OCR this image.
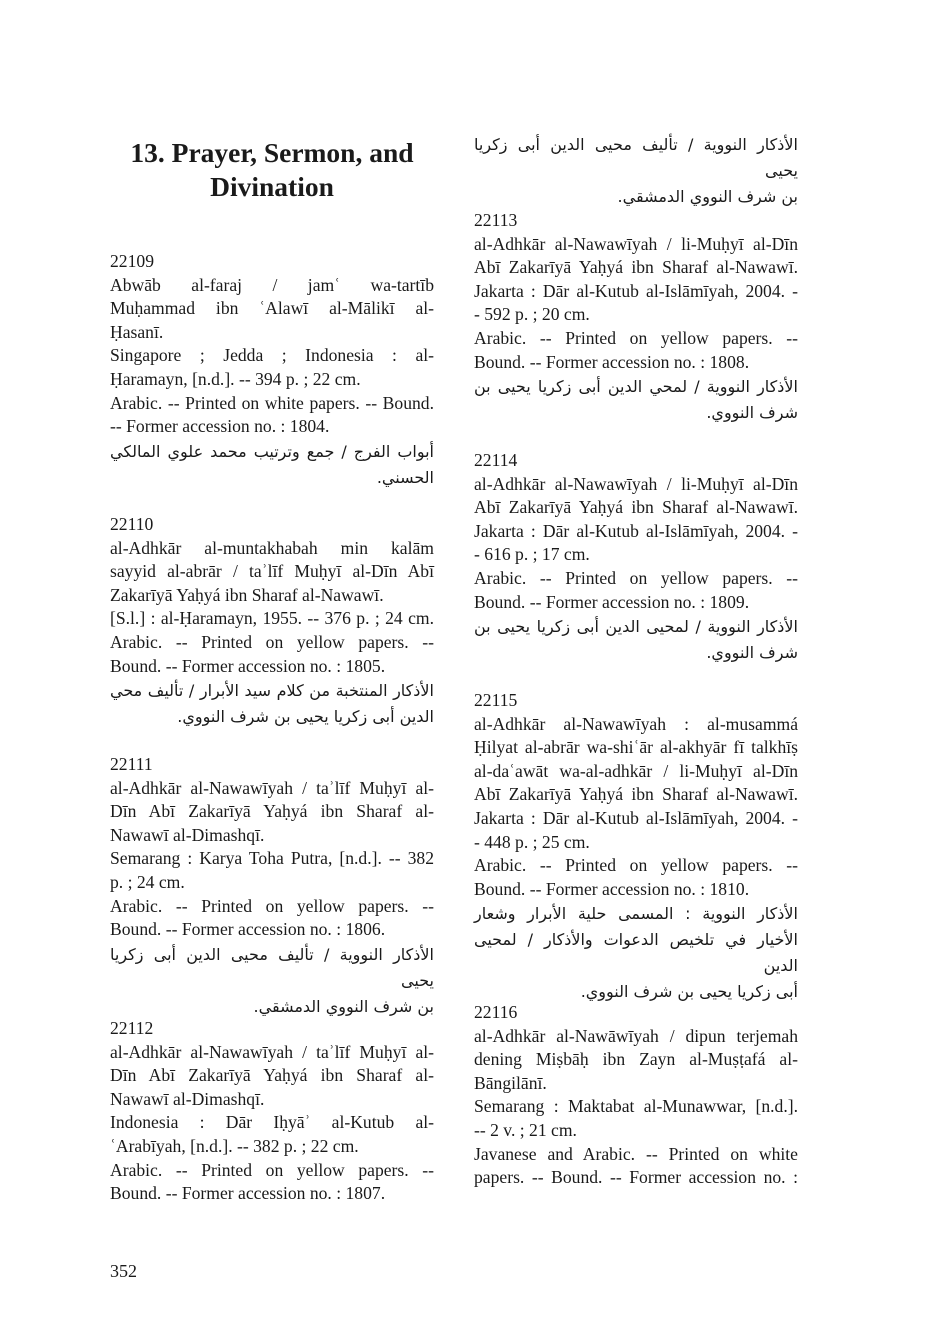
13. Prayer, Sermon, and Divination
22109
Abwāb al-faraj / jamʿ wa-tartīb
Muḥammad ibn ʿAlawī al-Mālikī al-
Ḥasanī.
Singapore ; Jedda ; Indonesia : al-
Ḥaramayn, [n.d.]. -- 394 p. ; 22 cm.
Arabic. -- Printed on white papers. -- Bound.
-- Former accession no. : 1804.
أبواب الفرج / جمع وترتيب محمد علوي المالكي
الحسني.
22110
al-Adhkār al-muntakhabah min kalām
sayyid al-abrār / taʾlīf Muḥyī al-Dīn Abī
Zakarīyā Yaḥyá ibn Sharaf al-Nawawī.
[S.l.] : al-Ḥaramayn, 1955. -- 376 p. ; 24 cm.
Arabic. -- Printed on yellow papers. --
Bound. -- Former accession no. : 1805.
الأذكار المنتخبة من كلام سيد الأبرار / تأليف محي
الدين أبى زكريا يحيى بن شرف النووي.
22111
al-Adhkār al-Nawawīyah / taʾlīf Muḥyī al-
Dīn Abī Zakarīyā Yaḥyá ibn Sharaf al-
Nawawī al-Dimashqī.
Semarang : Karya Toha Putra, [n.d.]. -- 382
p. ; 24 cm.
Arabic. -- Printed on yellow papers. --
Bound. -- Former accession no. : 1806.
الأذكار النووية / تأليف محيى الدين أبى زكريا يحيى
بن شرف النووي الدمشقي.
22112
al-Adhkār al-Nawawīyah / taʾlīf Muḥyī al-
Dīn Abī Zakarīyā Yaḥyá ibn Sharaf al-
Nawawī al-Dimashqī.
Indonesia : Dār Iḥyāʾ al-Kutub al-
ʿArabīyah, [n.d.]. -- 382 p. ; 22 cm.
Arabic. -- Printed on yellow papers. --
Bound. -- Former accession no. : 1807.
الأذكار النووية / تأليف محيى الدين أبى زكريا يحيى
بن شرف النووي الدمشقي.
22113
al-Adhkār al-Nawawīyah / li-Muḥyī al-Dīn
Abī Zakarīyā Yaḥyá ibn Sharaf al-Nawawī.
Jakarta : Dār al-Kutub al-Islāmīyah, 2004. -
- 592 p. ; 20 cm.
Arabic. -- Printed on yellow papers. --
Bound. -- Former accession no. : 1808.
الأذكار النووية / لمحي الدين أبى زكريا يحيى بن
شرف النووي.
22114
al-Adhkār al-Nawawīyah / li-Muḥyī al-Dīn
Abī Zakarīyā Yaḥyá ibn Sharaf al-Nawawī.
Jakarta : Dār al-Kutub al-Islāmīyah, 2004. -
- 616 p. ; 17 cm.
Arabic. -- Printed on yellow papers. --
Bound. -- Former accession no. : 1809.
الأذكار النووية / لمحيى الدين أبى زكريا يحيى بن
شرف النووي.
22115
al-Adhkār al-Nawawīyah : al-musammá
Ḥilyat al-abrār wa-shiʿār al-akhyār fī talkhīṣ
al-daʿawāt wa-al-adhkār / li-Muḥyī al-Dīn
Abī Zakarīyā Yaḥyá ibn Sharaf al-Nawawī.
Jakarta : Dār al-Kutub al-Islāmīyah, 2004. -
- 448 p. ; 25 cm.
Arabic. -- Printed on yellow papers. --
Bound. -- Former accession no. : 1810.
الأذكار النووية : المسمى حلية الأبرار وشعار
الأخيار في تلخيص الدعوات والأذكار / لمحيى الدين
أبى زكريا يحيى بن شرف النووي.
22116
al-Adhkār al-Nawāwīyah / dipun terjemah
dening Miṣbāḥ ibn Zayn al-Muṣṭafá al-
Bāngilānī.
Semarang : Maktabat al-Munawwar, [n.d.].
-- 2 v. ; 21 cm.
Javanese and Arabic. -- Printed on white
papers. -- Bound. -- Former accession no. :
352
